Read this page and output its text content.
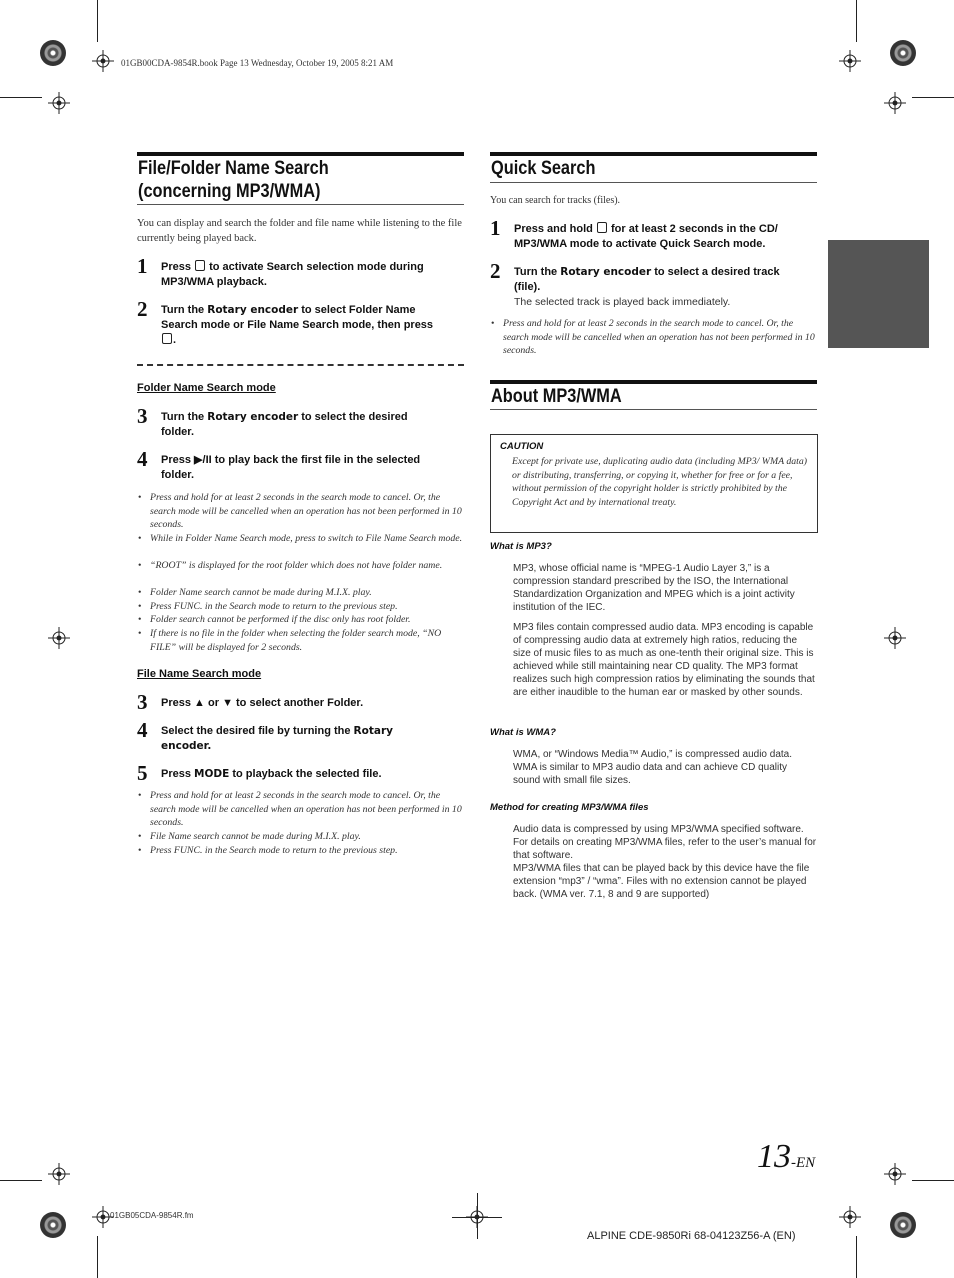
01GB00CDA-9854R.book Page 13 Wednesday, October 19, 2005 8:21 AM
File/Folder Name Search
(concerning MP3/WMA)
You can display and search the folder and file name while listening to the file currently being played back.
1 Press to activate Search selection mode during MP3/WMA playback.
2 Turn the Rotary encoder to select Folder Name
Search mode or File Name Search mode, then press
.
Folder Name Search mode
3 Turn the Rotary encoder to select the desired
folder.
4 Press ▶/II to play back the first file in the selected
folder.
• Press and hold for at least 2 seconds in the search mode to cancel. Or, the search mode will be cancelled when an operation has not been performed in 10 seconds.
• While in Folder Name Search mode, press to switch to File Name Search mode.
• “ROOT” is displayed for the root folder which does not have folder name.
• Folder Name search cannot be made during M.I.X. play.
• Press FUNC. in the Search mode to return to the previous step.
• Folder search cannot be performed if the disc only has root folder.
• If there is no file in the folder when selecting the folder search mode, “NO FILE” will be displayed for 2 seconds.
File Name Search mode
3 Press ▲ or ▼ to select another Folder.
4 Select the desired file by turning the Rotary
encoder.
5 Press MODE to playback the selected file.
• Press and hold for at least 2 seconds in the search mode to cancel. Or, the search mode will be cancelled when an operation has not been performed in 10 seconds.
• File Name search cannot be made during M.I.X. play.
• Press FUNC. in the Search mode to return to the previous step.
Quick Search
You can search for tracks (files).
1 Press and hold for at least 2 seconds in the CD/
MP3/WMA mode to activate Quick Search mode.
2 Turn the Rotary encoder to select a desired track
(file).
The selected track is played back immediately.
• Press and hold for at least 2 seconds in the search mode to cancel. Or, the search mode will be cancelled when an operation has not been performed in 10 seconds.
About MP3/WMA
CAUTION
Except for private use, duplicating audio data (including MP3/ WMA data) or distributing, transferring, or copying it, whether for free or for a fee, without permission of the copyright holder is strictly prohibited by the Copyright Act and by international treaty.
What is MP3?
MP3, whose official name is “MPEG-1 Audio Layer 3,” is a compression standard prescribed by the ISO, the International Standardization Organization and MPEG which is a joint activity institution of the IEC.
MP3 files contain compressed audio data. MP3 encoding is capable of compressing audio data at extremely high ratios, reducing the size of music files to as much as one-tenth their original size. This is achieved while still maintaining near CD quality. The MP3 format realizes such high compression ratios by eliminating the sounds that are either inaudible to the human ear or masked by other sounds.
What is WMA?
WMA, or “Windows Media™ Audio,” is compressed audio data. WMA is similar to MP3 audio data and can achieve CD quality sound with small file sizes.
Method for creating MP3/WMA files
Audio data is compressed by using MP3/WMA specified software. For details on creating MP3/WMA files, refer to the user’s manual for that software.
MP3/WMA files that can be played back by this device have the file extension “mp3” / “wma”. Files with no extension cannot be played back. (WMA ver. 7.1, 8 and 9 are supported)
13-EN
01GB05CDA-9854R.fm
ALPINE CDE-9850Ri 68-04123Z56-A (EN)
